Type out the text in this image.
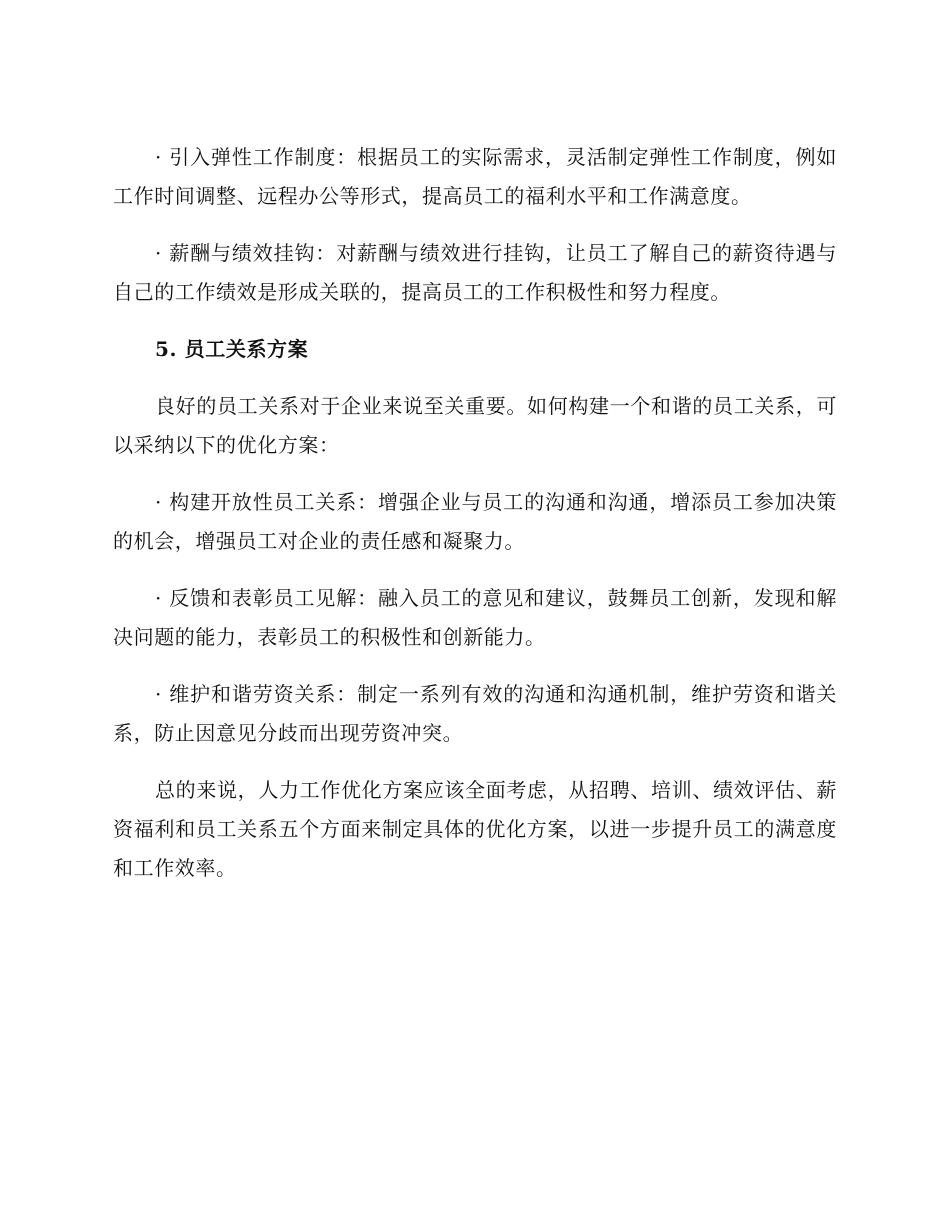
· 引入弹性工作制度：根据员工的实际需求，灵活制定弹性工作制度，例如工作时间调整、远程办公等形式，提高员工的福利水平和工作满意度。

· 薪酬与绩效挂钩：对薪酬与绩效进行挂钩，让员工了解自己的薪资待遇与自己的工作绩效是形成关联的，提高员工的工作积极性和努力程度。

5. 员工关系方案

良好的员工关系对于企业来说至关重要。如何构建一个和谐的员工关系，可以采纳以下的优化方案：

· 构建开放性员工关系：增强企业与员工的沟通和沟通，增添员工参加决策的机会，增强员工对企业的责任感和凝聚力。

· 反馈和表彰员工见解：融入员工的意见和建议，鼓舞员工创新，发现和解决问题的能力，表彰员工的积极性和创新能力。

· 维护和谐劳资关系：制定一系列有效的沟通和沟通机制，维护劳资和谐关系，防止因意见分歧而出现劳资冲突。

总的来说，人力工作优化方案应该全面考虑，从招聘、培训、绩效评估、薪资福利和员工关系五个方面来制定具体的优化方案，以进一步提升员工的满意度和工作效率。
